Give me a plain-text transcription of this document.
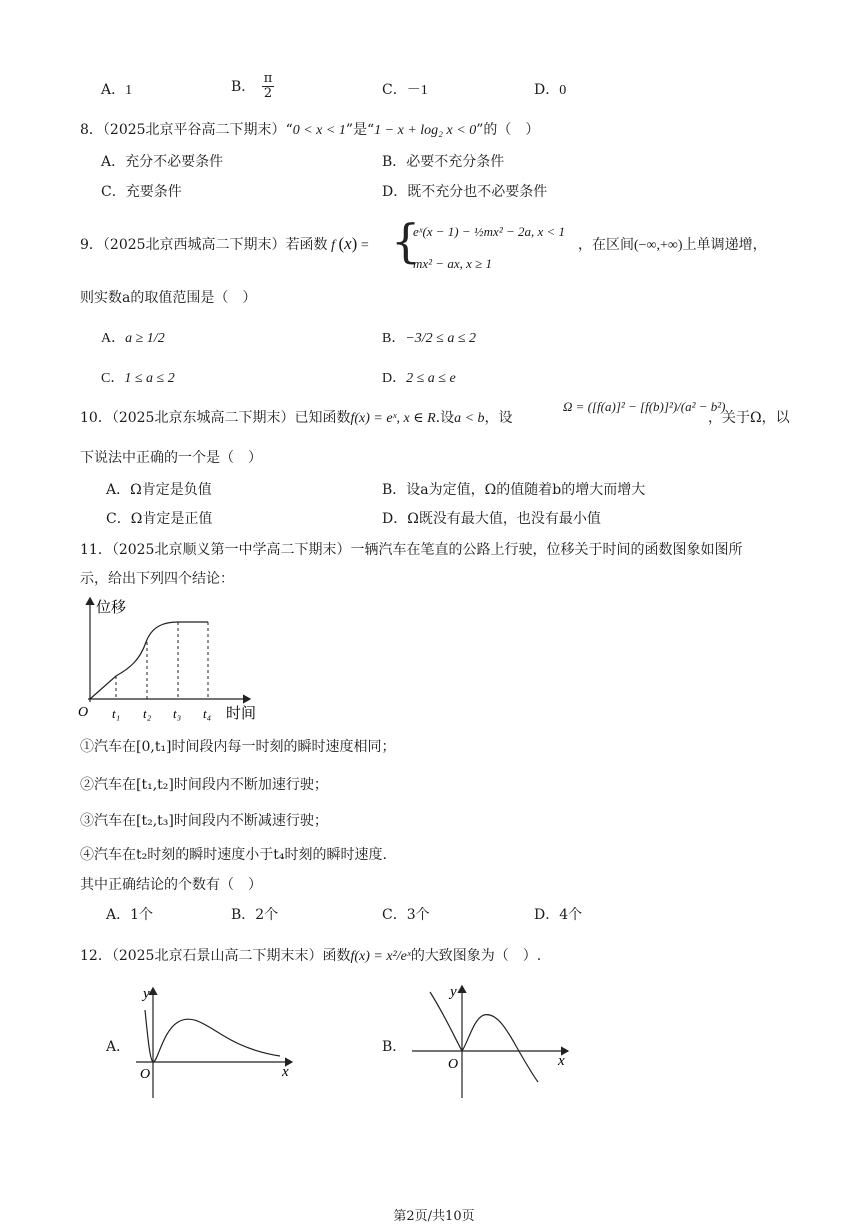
A．1	B． $\frac{\pi}{2}$	C．－1	D．0
8．（2025北京平谷高二下期末）“0 < x < 1”是“1 − x + log₂ x < 0”的（　）
A．充分不必要条件	B．必要不充分条件
C．充要条件	D．既不充分也不必要条件
9．（2025北京西城高二下期末）若函数 f (x) = {
eˣ(x − 1) − ½mx² − 2a, x < 1
mx² − ax, x ≥ 1
，在区间(−∞,+∞)上单调递增，
则实数a的取值范围是（　）
A．a ≥ 1/2	B．−3/2 ≤ a ≤ 2
C．1 ≤ a ≤ 2	D．2 ≤ a ≤ e
10．（2025北京东城高二下期末）已知函数f(x) = eˣ, x ∈ R.设a < b，设
Ω = ([f(a)]² − [f(b)]²)/(a² − b²)
，关于Ω，以
下说法中正确的一个是（　）
A．Ω肯定是负值	B．设a为定值，Ω的值随着b的增大而增大
C．Ω肯定是正值	D．Ω既没有最大值，也没有最小值
11．（2025北京顺义第一中学高二下期末）一辆汽车在笔直的公路上行驶，位移关于时间的函数图象如图所
示，给出下列四个结论：
位移
O t₁ t₂ t₃ t₄ 时间
①汽车在[0,t₁]时间段内每一时刻的瞬时速度相同；
②汽车在[t₁,t₂]时间段内不断加速行驶；
③汽车在[t₂,t₃]时间段内不断减速行驶；
④汽车在t₂时刻的瞬时速度小于t₄时刻的瞬时速度.
其中正确结论的个数有（　）
A．1个	B．2个	C．3个	D．4个
12．（2025北京石景山高二下期末末）函数f(x) = x²/eˣ的大致图象为（　）.
A．
y
O	x
B．
y
O	x
第2页/共10页
